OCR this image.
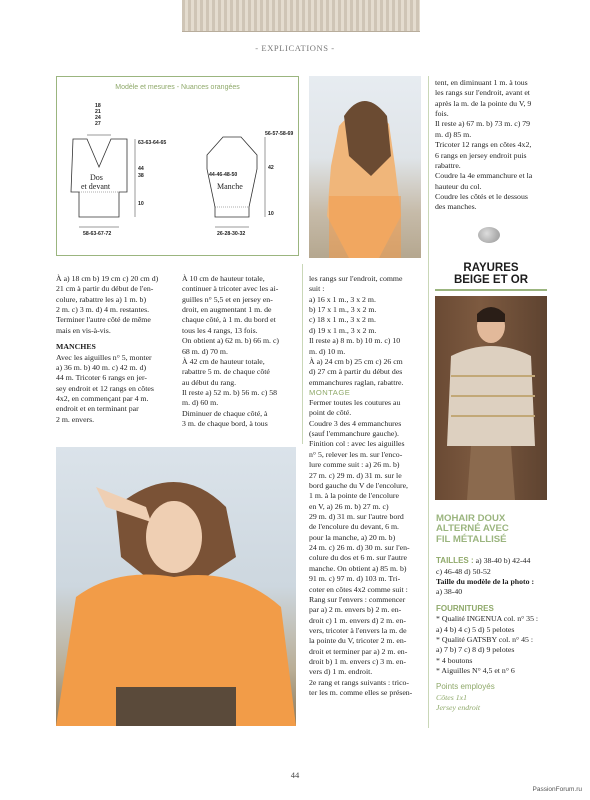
- EXPLICATIONS -
Modèle et mesures - Nuances orangées
18
21
24
27
63-63-64-65
44
38
10
Dos
et devant
58-63-67-72
56-57-58-69
44-46-48-50
42
10
Manche
26-28-30-32

À a) 18 cm b) 19 cm c) 20 cm d)

21 cm à partir du début de l'en-

colure, rabattre les a) 1 m. b)

2 m. c) 3 m. d) 4 m. restantes.

Terminer l'autre côté de même

mais en vis-à-vis.

MANCHES

Avec les aiguilles n° 5, monter

a) 36 m. b) 40 m. c) 42 m. d)

44 m. Tricoter 6 rangs en jer-

sey endroit et 12 rangs en côtes

4x2, en commençant par 4 m.

endroit et en terminant par

2 m. envers.

À 10 cm de hauteur totale,

continuer à tricoter avec les ai-

guilles n° 5,5 et en jersey en-

droit, en augmentant 1 m. de

chaque côté, à 1 m. du bord et

tous les 4 rangs, 13 fois.

On obtient a) 62 m. b) 66 m. c)

68 m. d) 70 m.

À 42 cm de hauteur totale,

rabattre 5 m. de chaque côté

au début du rang.

Il reste a) 52 m. b) 56 m. c) 58

m. d) 60 m.

Diminuer de chaque côté, à

3 m. de chaque bord, à tous

les rangs sur l'endroit, comme

suit :

a) 16 x 1 m., 3 x 2 m.

b) 17 x 1 m., 3 x 2 m.

c) 18 x 1 m., 3 x 2 m.

d) 19 x 1 m., 3 x 2 m.

Il reste a) 8 m. b) 10 m. c) 10

m. d) 10 m.

À a) 24 cm b) 25 cm c) 26 cm

d) 27 cm à partir du début des

emmanchures raglan, rabattre.

MONTAGE

Fermer toutes les coutures au

point de côté.

Coudre 3 des 4 emmanchures

(sauf l'emmanchure gauche).

Finition col : avec les aiguilles

n° 5, relever les m. sur l'enco-

lure comme suit : a) 26 m. b)

27 m. c) 29 m. d) 31 m. sur le

bord gauche du V de l'encolure,

1 m. à la pointe de l'encolure

en V, a) 26 m. b) 27 m. c)

29 m. d) 31 m. sur l'autre bord

de l'encolure du devant, 6 m.

pour la manche, a) 20 m. b)

24 m. c) 26 m. d) 30 m. sur l'en-

colure du dos et 6 m. sur l'autre

manche. On obtient a) 85 m. b)

91 m. c) 97 m. d) 103 m. Tri-

coter en côtes 4x2 comme suit :

Rang sur l'envers : commencer

par a) 2 m. envers b) 2 m. en-

droit c) 1 m. envers d) 2 m. en-

vers, tricoter à l'envers la m. de

la pointe du V, tricoter 2 m. en-

droit et terminer par a) 2 m. en-

droit b) 1 m. envers c) 3 m. en-

vers d) 1 m. endroit.

2e rang et rangs suivants : trico-

ter les m. comme elles se présen-

tent, en diminuant 1 m. à tous

les rangs sur l'endroit, avant et

après la m. de la pointe du V, 9

fois.

Il reste a) 67 m. b) 73 m. c) 79

m. d) 85 m.

Tricoter 12 rangs en côtes 4x2,

6 rangs en jersey endroit puis

rabattre.

Coudre la 4e emmanchure et la

hauteur du col.

Coudre les côtés et le dessous

des manches.

RAYURES
BEIGE ET OR
MOHAIR DOUX
ALTERNÉ AVEC
FIL MÉTALLISÉ

TAILLES : a) 38-40 b) 42-44

c) 46-48 d) 50-52

Taille du modèle de la photo :

a) 38-40

FOURNITURES

* Qualité INGENUA col. n° 35 :

a) 4 b) 4 c) 5 d) 5 pelotes

* Qualité GATSBY col. n° 45 :

a) 7 b) 7 c) 8 d) 9 pelotes

* 4 boutons

* Aiguilles N° 4,5 et n° 6

Points employés

Côtes 1x1

Jersey endroit

44
PassionForum.ru
